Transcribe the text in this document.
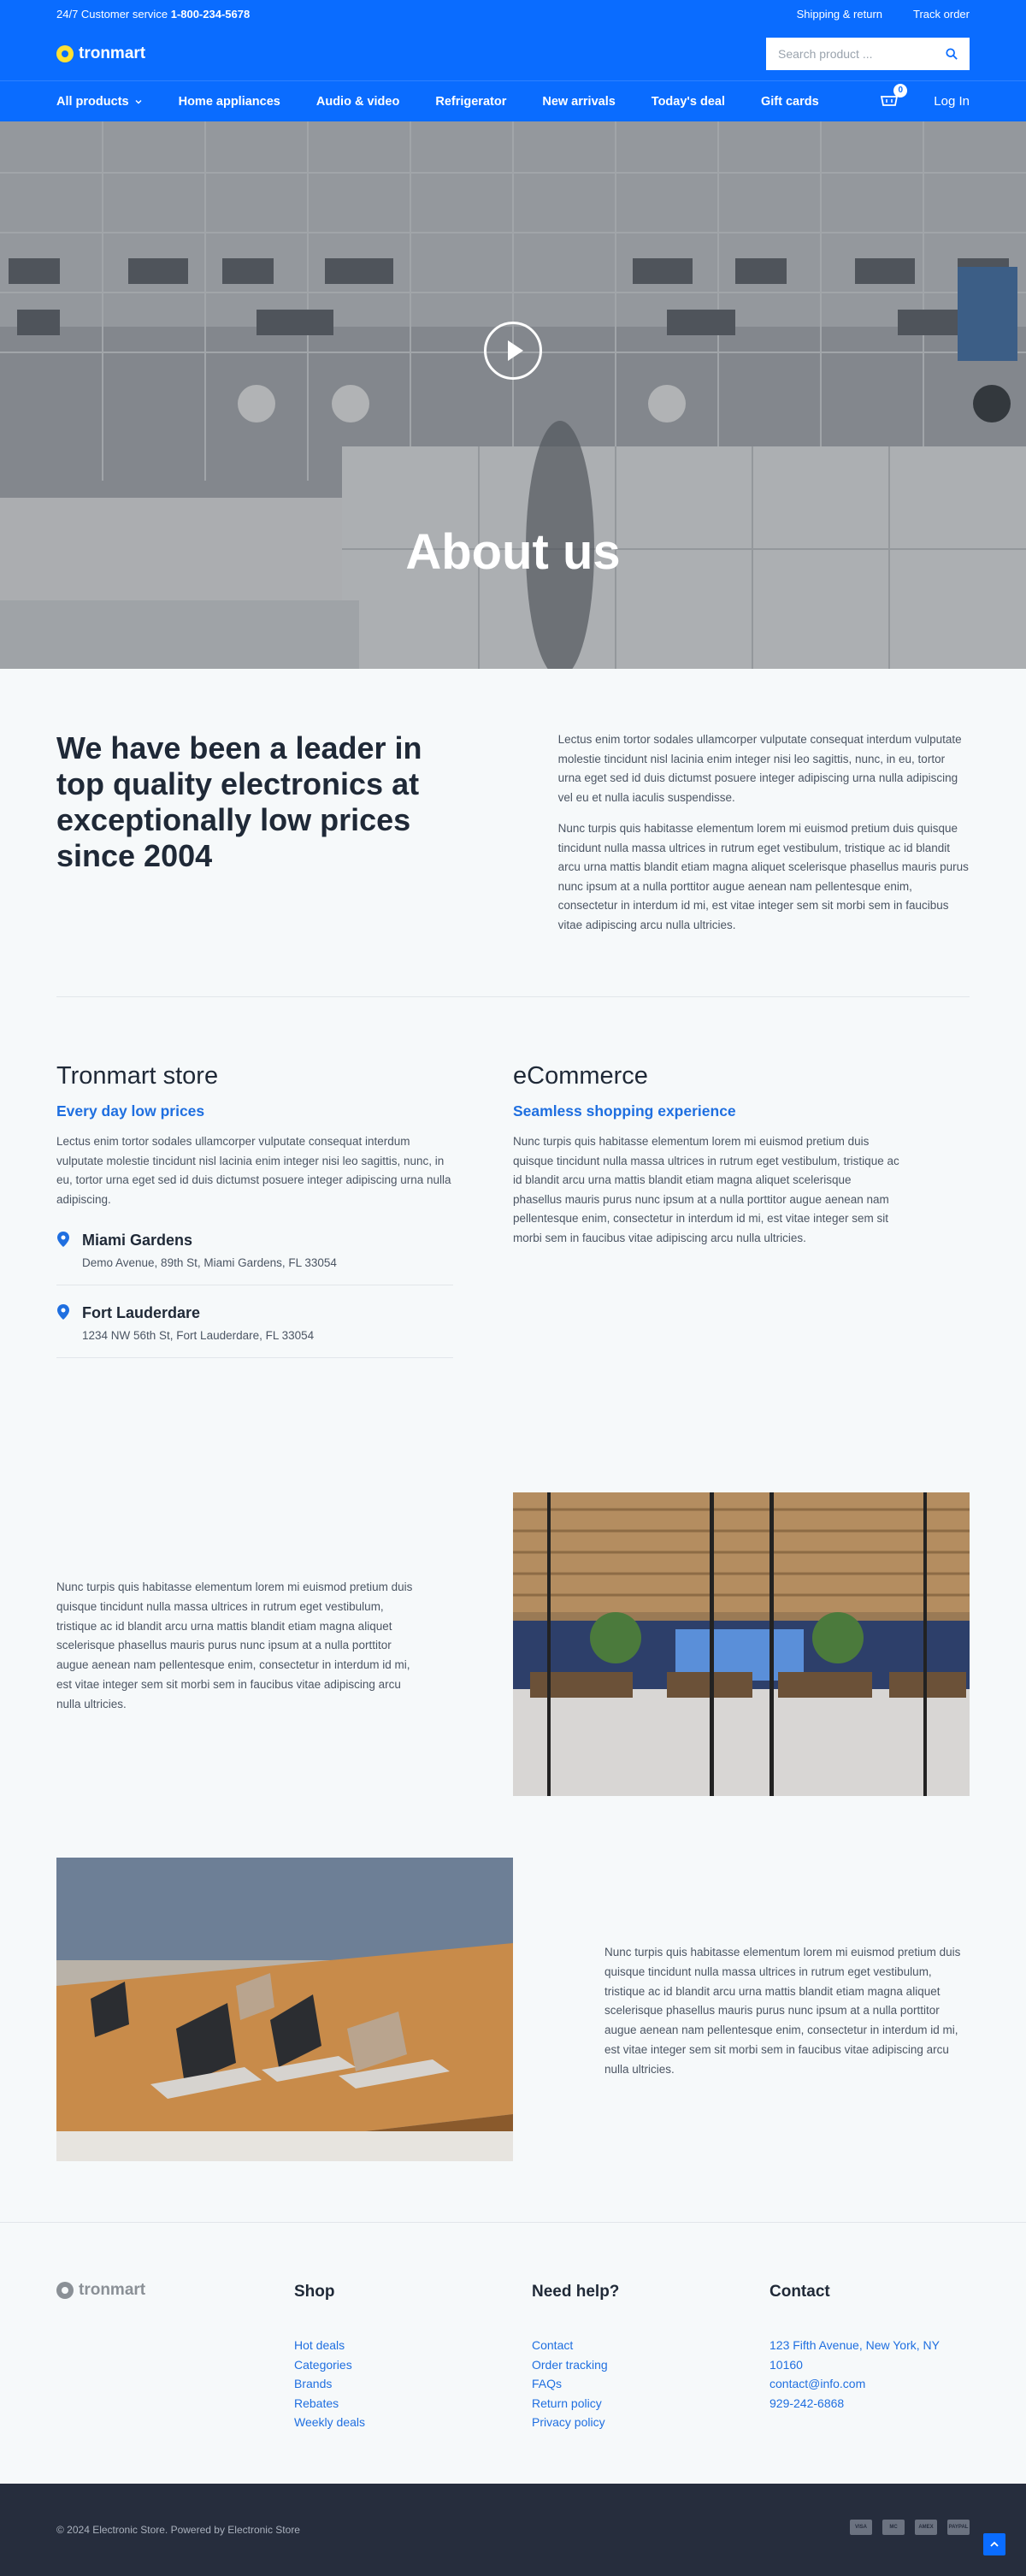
24/7 Customer service 1-800-234-5678	Shipping & return	Track order
tronmart	Search product ...
All products	Home appliances	Audio & video	Refrigerator	New arrivals	Today's deal	Gift cards
0
Log In
About us
We have been a leader in top quality electronics at exceptionally low prices since 2004

Lectus enim tortor sodales ullamcorper vulputate consequat interdum vulputate molestie tincidunt nisl lacinia enim integer nisi leo sagittis, nunc, in eu, tortor urna eget sed id duis dictumst posuere integer adipiscing urna nulla adipiscing vel eu et nulla iaculis suspendisse.

Nunc turpis quis habitasse elementum lorem mi euismod pretium duis quisque tincidunt nulla massa ultrices in rutrum eget vestibulum, tristique ac id blandit arcu urna mattis blandit etiam magna aliquet scelerisque phasellus mauris purus nunc ipsum at a nulla porttitor augue aenean nam pellentesque enim, consectetur in interdum id mi, est vitae integer sem sit morbi sem in faucibus vitae adipiscing arcu nulla ultricies.

Tronmart store
Every day low prices

Lectus enim tortor sodales ullamcorper vulputate consequat interdum vulputate molestie tincidunt nisl lacinia enim integer nisi leo sagittis, nunc, in eu, tortor urna eget sed id duis dictumst posuere integer adipiscing urna nulla adipiscing.

Miami Gardens
Demo Avenue, 89th St, Miami Gardens, FL 33054
Fort Lauderdare
1234 NW 56th St, Fort Lauderdare, FL 33054
eCommerce
Seamless shopping experience

Nunc turpis quis habitasse elementum lorem mi euismod pretium duis quisque tincidunt nulla massa ultrices in rutrum eget vestibulum, tristique ac id blandit arcu urna mattis blandit etiam magna aliquet scelerisque phasellus mauris purus nunc ipsum at a nulla porttitor augue aenean nam pellentesque enim, consectetur in interdum id mi, est vitae integer sem sit morbi sem in faucibus vitae adipiscing arcu nulla ultricies.

Nunc turpis quis habitasse elementum lorem mi euismod pretium duis quisque tincidunt nulla massa ultrices in rutrum eget vestibulum, tristique ac id blandit arcu urna mattis blandit etiam magna aliquet scelerisque phasellus mauris purus nunc ipsum at a nulla porttitor augue aenean nam pellentesque enim, consectetur in interdum id mi, est vitae integer sem sit morbi sem in faucibus vitae adipiscing arcu nulla ultricies.
Nunc turpis quis habitasse elementum lorem mi euismod pretium duis quisque tincidunt nulla massa ultrices in rutrum eget vestibulum, tristique ac id blandit arcu urna mattis blandit etiam magna aliquet scelerisque phasellus mauris purus nunc ipsum at a nulla porttitor augue aenean nam pellentesque enim, consectetur in interdum id mi, est vitae integer sem sit morbi sem in faucibus vitae adipiscing arcu nulla ultricies.
tronmart	Shop
Hot deals
Categories
Brands
Rebates
Weekly deals
Need help?
Contact
Order tracking
FAQs
Return policy
Privacy policy
Contact
123 Fifth Avenue, New York, NY
10160
contact@info.com
929-242-6868
© 2024 Electronic Store. Powered by Electronic Store	VISA	MC	AMEX	PAYPAL
